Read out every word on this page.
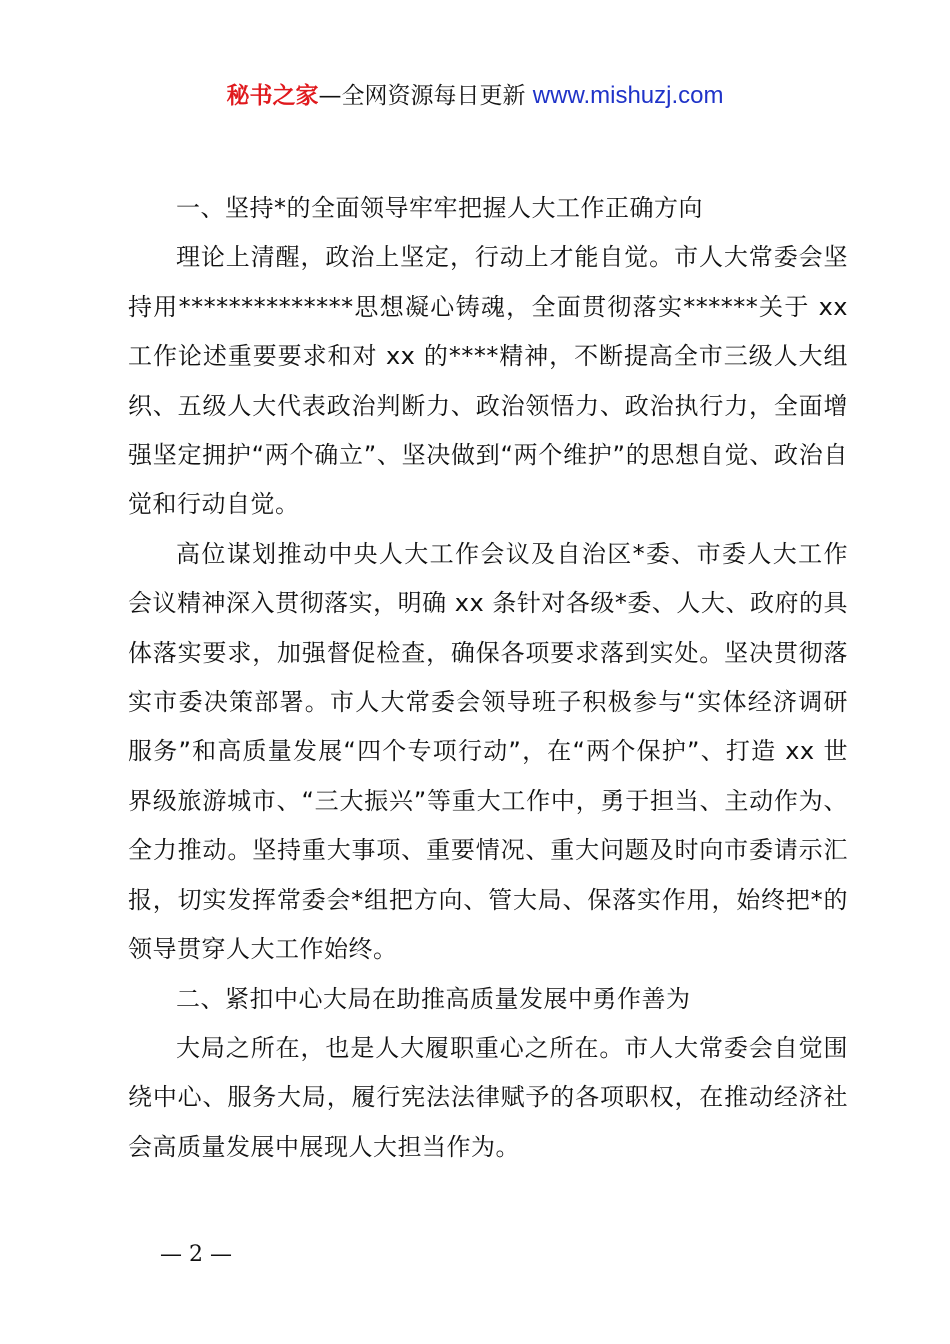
秘书之家—全网资源每日更新 www.mishuzj.com

一、坚持*的全面领导牢牢把握人大工作正确方向

理论上清醒，政治上坚定，行动上才能自觉。市人大常委会坚持用**************思想凝心铸魂，全面贯彻落实******关于 xx 工作论述重要要求和对 xx 的****精神，不断提高全市三级人大组织、五级人大代表政治判断力、政治领悟力、政治执行力，全面增强坚定拥护“两个确立”、坚决做到“两个维护”的思想自觉、政治自觉和行动自觉。

高位谋划推动中央人大工作会议及自治区*委、市委人大工作会议精神深入贯彻落实，明确 xx 条针对各级*委、人大、政府的具体落实要求，加强督促检查，确保各项要求落到实处。坚决贯彻落实市委决策部署。市人大常委会领导班子积极参与“实体经济调研服务”和高质量发展“四个专项行动”，在“两个保护”、打造 xx 世界级旅游城市、“三大振兴”等重大工作中，勇于担当、主动作为、全力推动。坚持重大事项、重要情况、重大问题及时向市委请示汇报，切实发挥常委会*组把方向、管大局、保落实作用，始终把*的领导贯穿人大工作始终。

二、紧扣中心大局在助推高质量发展中勇作善为

大局之所在，也是人大履职重心之所在。市人大常委会自觉围绕中心、服务大局，履行宪法法律赋予的各项职权，在推动经济社会高质量发展中展现人大担当作为。

— 2 —
